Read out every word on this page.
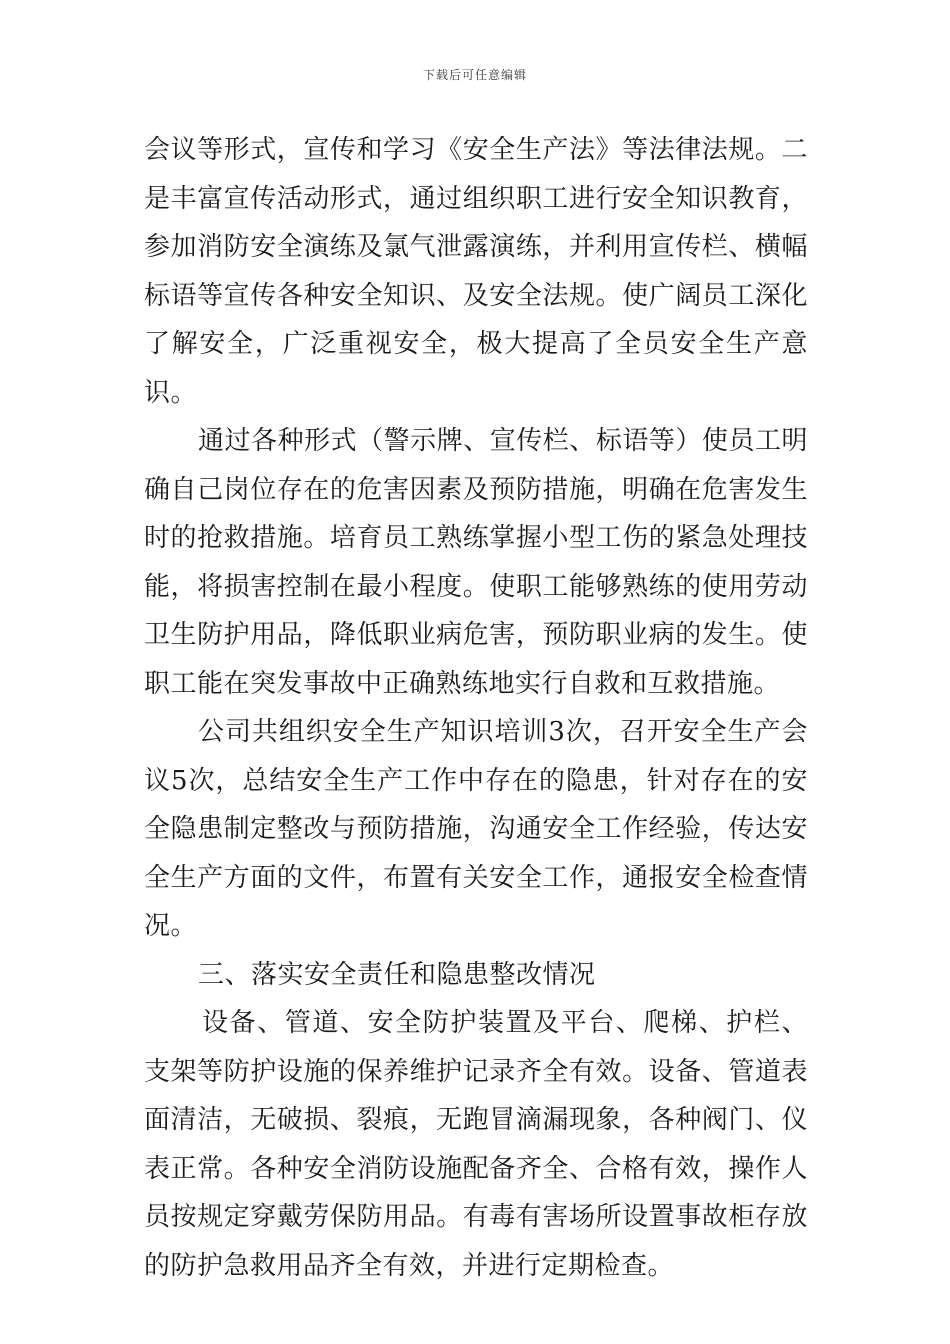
下载后可任意编辑

会议等形式，宣传和学习《安全生产法》等法律法规。二是丰富宣传活动形式，通过组织职工进行安全知识教育，参加消防安全演练及氯气泄露演练，并利用宣传栏、横幅标语等宣传各种安全知识、及安全法规。使广阔员工深化了解安全，广泛重视安全，极大提高了全员安全生产意识。

通过各种形式（警示牌、宣传栏、标语等）使员工明确自己岗位存在的危害因素及预防措施，明确在危害发生时的抢救措施。培育员工熟练掌握小型工伤的紧急处理技能，将损害控制在最小程度。使职工能够熟练的使用劳动卫生防护用品，降低职业病危害，预防职业病的发生。使职工能在突发事故中正确熟练地实行自救和互救措施。

公司共组织安全生产知识培训3次，召开安全生产会议5次，总结安全生产工作中存在的隐患，针对存在的安全隐患制定整改与预防措施，沟通安全工作经验，传达安全生产方面的文件，布置有关安全工作，通报安全检查情况。

三、落实安全责任和隐患整改情况

设备、管道、安全防护装置及平台、爬梯、护栏、支架等防护设施的保养维护记录齐全有效。设备、管道表面清洁，无破损、裂痕，无跑冒滴漏现象，各种阀门、仪表正常。各种安全消防设施配备齐全、合格有效，操作人员按规定穿戴劳保防用品。有毒有害场所设置事故柜存放的防护急救用品齐全有效，并进行定期检查。
